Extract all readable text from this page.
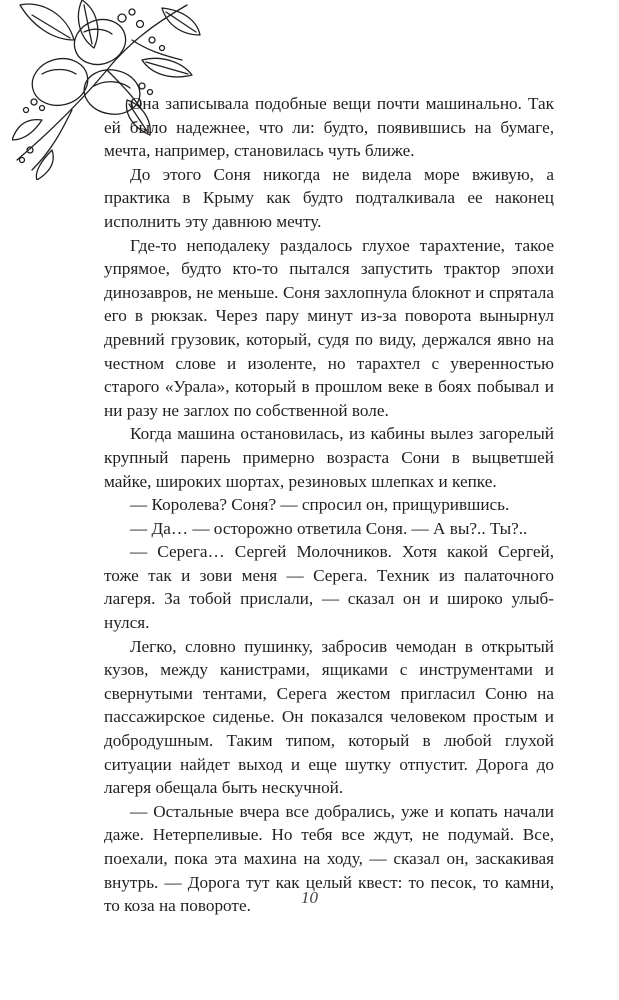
Она записывала подобные вещи почти машинально. Так ей было надежнее, что ли: будто, появившись на бумаге, мечта, например, становилась чуть ближе.

До этого Соня никогда не видела море вживую, а практика в Крыму как будто подталкивала ее наконец исполнить эту давнюю мечту.

Где-то неподалеку раздалось глухое тарахтение, такое упрямое, будто кто-то пытался запустить трактор эпохи динозавров, не меньше. Соня захлопнула блокнот и спрятала его в рюкзак. Через пару минут из-за поворота вынырнул древний грузовик, который, судя по виду, держался явно на честном слове и изоленте, но тарахтел с уверенностью старого «Урала», который в прошлом веке в боях побывал и ни разу не заглох по собственной воле.

Когда машина остановилась, из кабины вылез загорелый крупный парень примерно возраста Сони в выцветшей майке, широких шортах, резиновых шлепках и кепке.

— Королева? Соня? — спросил он, прищурившись.

— Да… — осторожно ответила Соня. — А вы?.. Ты?..

— Серега… Сергей Молочников. Хотя какой Сергей, тоже так и зови меня — Серега. Техник из палаточного лагеря. За тобой прислали, — сказал он и широко улыбнулся.

Легко, словно пушинку, забросив чемодан в открытый кузов, между канистрами, ящиками с инструментами и свернутыми тентами, Серега жестом пригласил Соню на пассажирское сиденье. Он показался человеком простым и добродушным. Таким типом, который в любой глухой ситуации найдет выход и еще шутку отпустит. Дорога до лагеря обещала быть нескучной.

— Остальные вчера все добрались, уже и копать начали даже. Нетерпеливые. Но тебя все ждут, не подумай. Все, поехали, пока эта махина на ходу, — сказал он, заскакивая внутрь. — Дорога тут как целый квест: то песок, то камни, то коза на повороте.	10
